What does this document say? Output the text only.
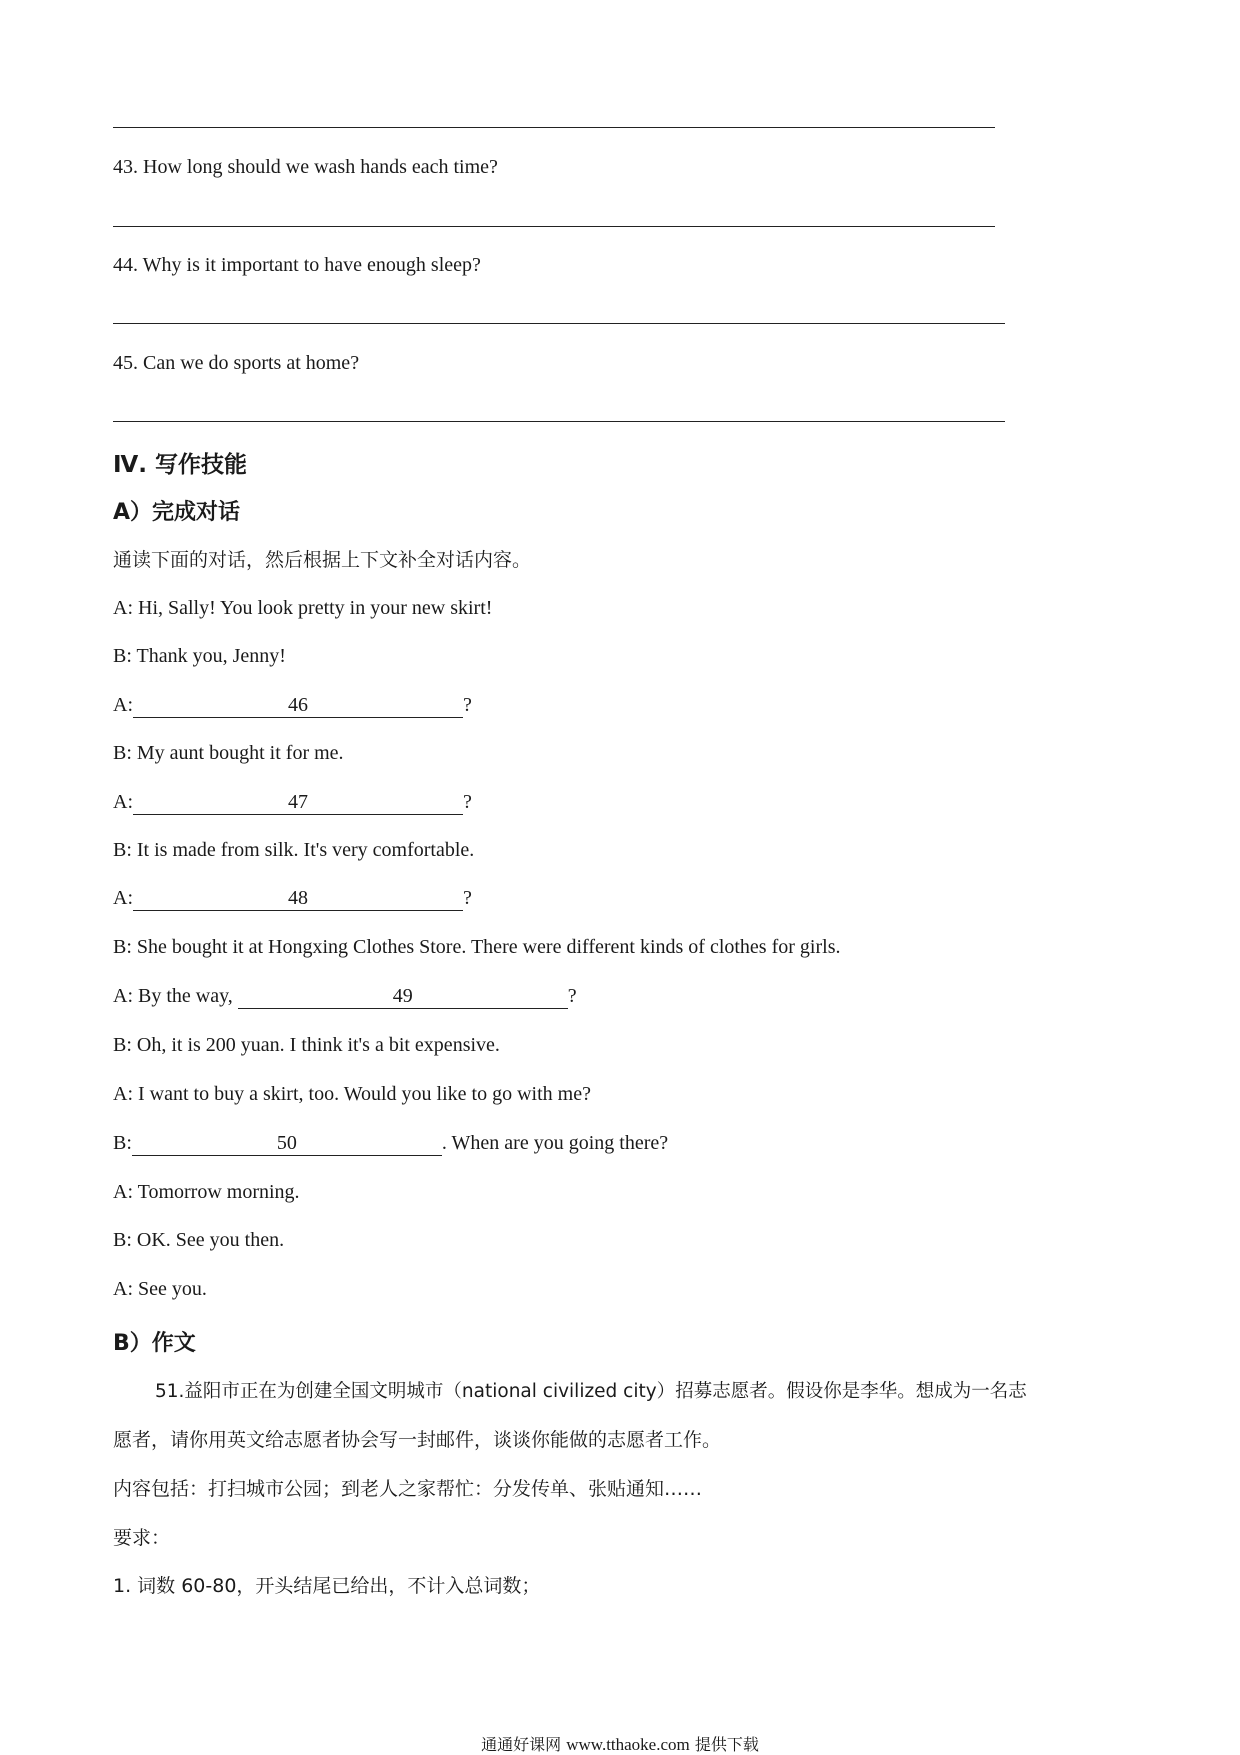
43. How long should we wash hands each time?
44. Why is it important to have enough sleep?
45. Can we do sports at home?
Ⅳ. 写作技能
A）完成对话
通读下面的对话，然后根据上下文补全对话内容。
A: Hi, Sally! You look pretty in your new skirt!
B: Thank you, Jenny!
A:	46	?
B: My aunt bought it for me.
A:	47	?
B: It is made from silk. It's very comfortable.
A:	48	?
B: She bought it at Hongxing Clothes Store. There were different kinds of clothes for girls.
A: By the way,	49	?
B: Oh, it is 200 yuan. I think it's a bit expensive.
A: I want to buy a skirt, too. Would you like to go with me?
B:	50	. When are you going there?
A: Tomorrow morning.
B: OK. See you then.
A: See you.
B）作文
51.益阳市正在为创建全国文明城市（national civilized city）招募志愿者。假设你是李华。想成为一名志
愿者，请你用英文给志愿者协会写一封邮件，谈谈你能做的志愿者工作。
内容包括：打扫城市公园；到老人之家帮忙：分发传单、张贴通知……
要求：
1. 词数 60-80，开头结尾已给出，不计入总词数；
通通好课网 www.tthaoke.com 提供下载
